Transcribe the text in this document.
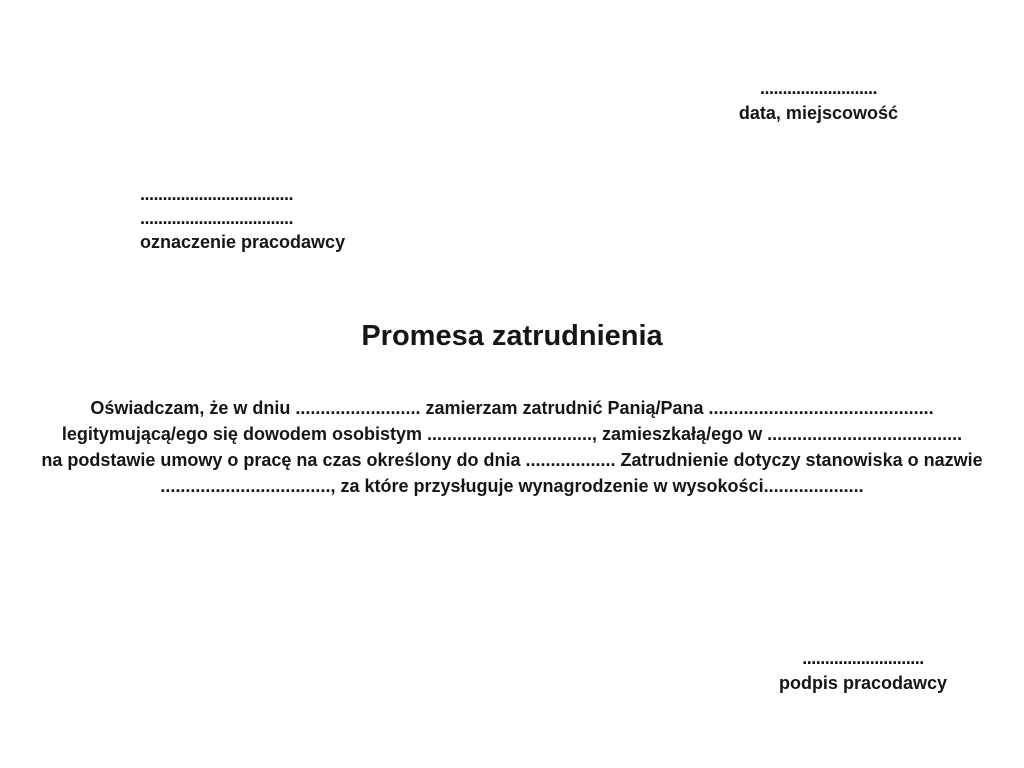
..........................
data, miejscowość
..................................
..................................
oznaczenie pracodawcy
Promesa zatrudnienia
Oświadczam, że w dniu ......................... zamierzam zatrudnić Panią/Pana .............................................
legitymującą/ego się dowodem osobistym ................................., zamieszkałą/ego w .......................................
na podstawie umowy o pracę na czas określony do dnia .................. Zatrudnienie dotyczy stanowiska o nazwie
.................................., za które przysługuje wynagrodzenie w wysokości....................
...........................
podpis pracodawcy
